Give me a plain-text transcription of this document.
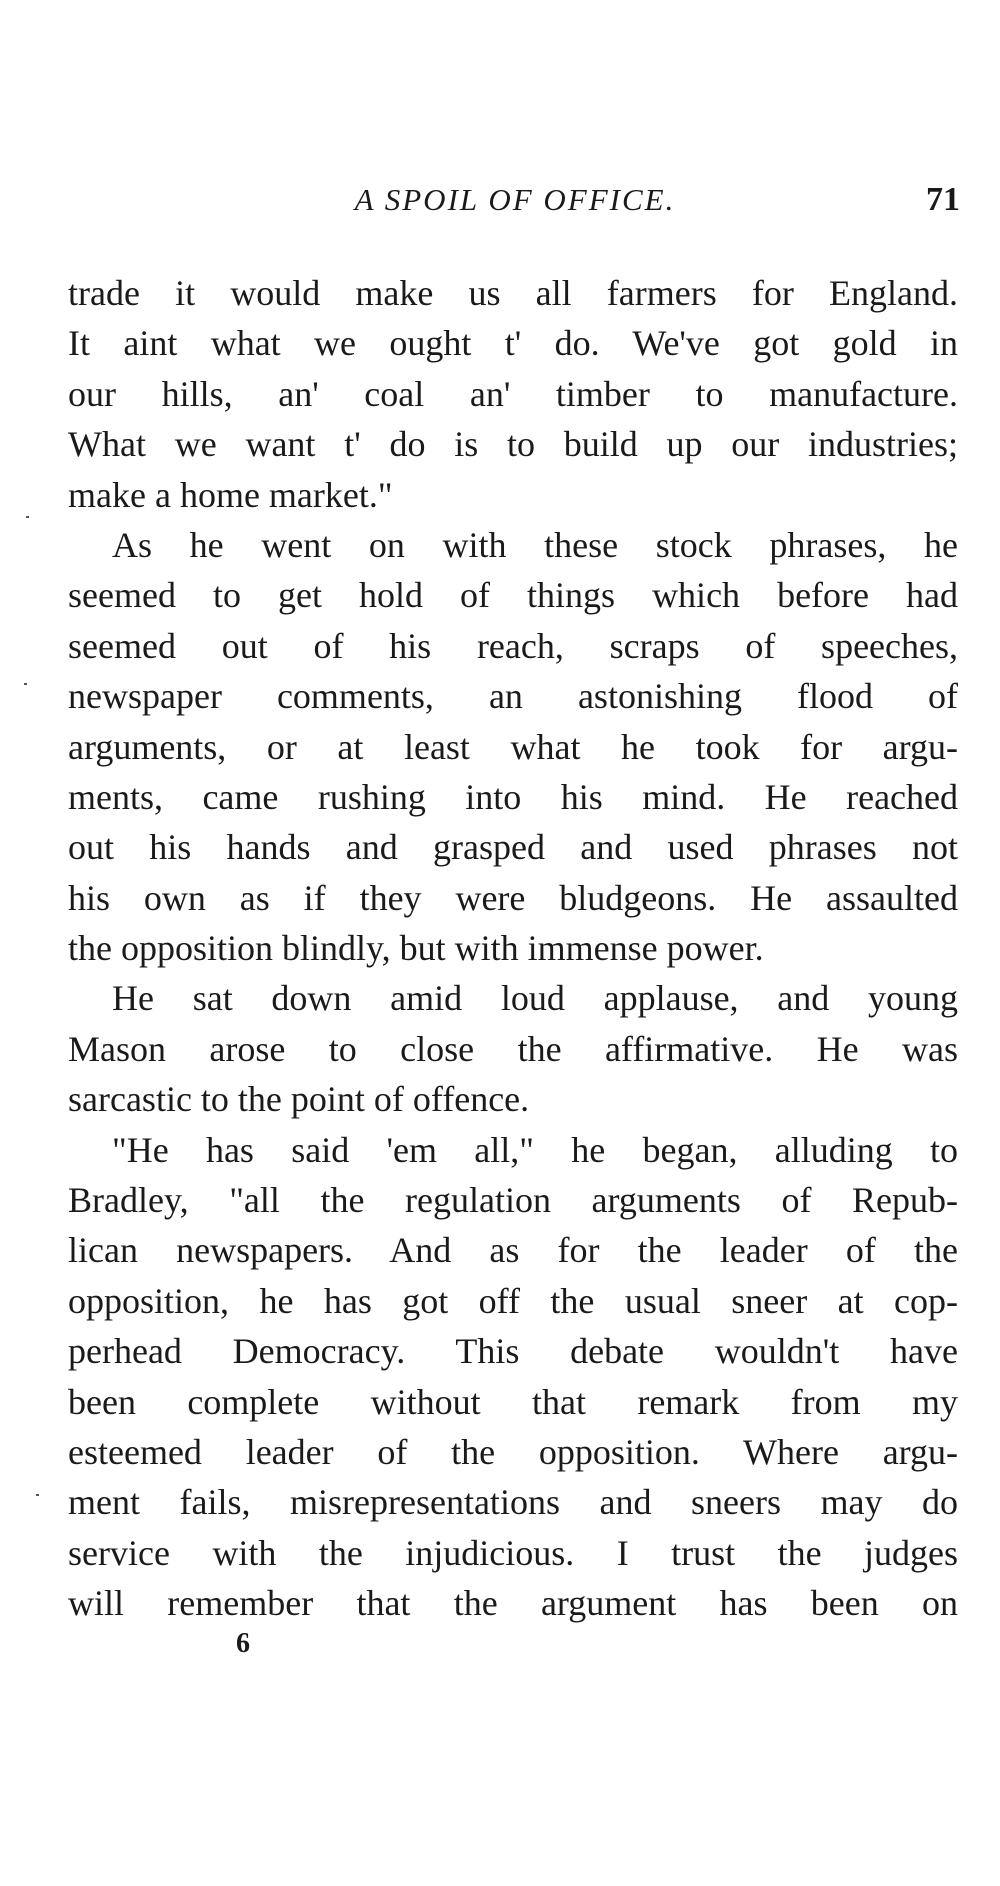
A SPOIL OF OFFICE.	71
trade it would make us all farmers for England.
It aint what we ought t' do. We've got gold in
our hills, an' coal an' timber to manufacture.
What we want t' do is to build up our industries;
make a home market."
As he went on with these stock phrases, he
seemed to get hold of things which before had
seemed out of his reach, scraps of speeches,
newspaper comments, an astonishing flood of
arguments, or at least what he took for argu-
ments, came rushing into his mind. He reached
out his hands and grasped and used phrases not
his own as if they were bludgeons. He assaulted
the opposition blindly, but with immense power.
He sat down amid loud applause, and young
Mason arose to close the affirmative. He was
sarcastic to the point of offence.
"He has said 'em all," he began, alluding to
Bradley, "all the regulation arguments of Repub-
lican newspapers. And as for the leader of the
opposition, he has got off the usual sneer at cop-
perhead Democracy. This debate wouldn't have
been complete without that remark from my
esteemed leader of the opposition. Where argu-
ment fails, misrepresentations and sneers may do
service with the injudicious. I trust the judges
will remember that the argument has been on
6
